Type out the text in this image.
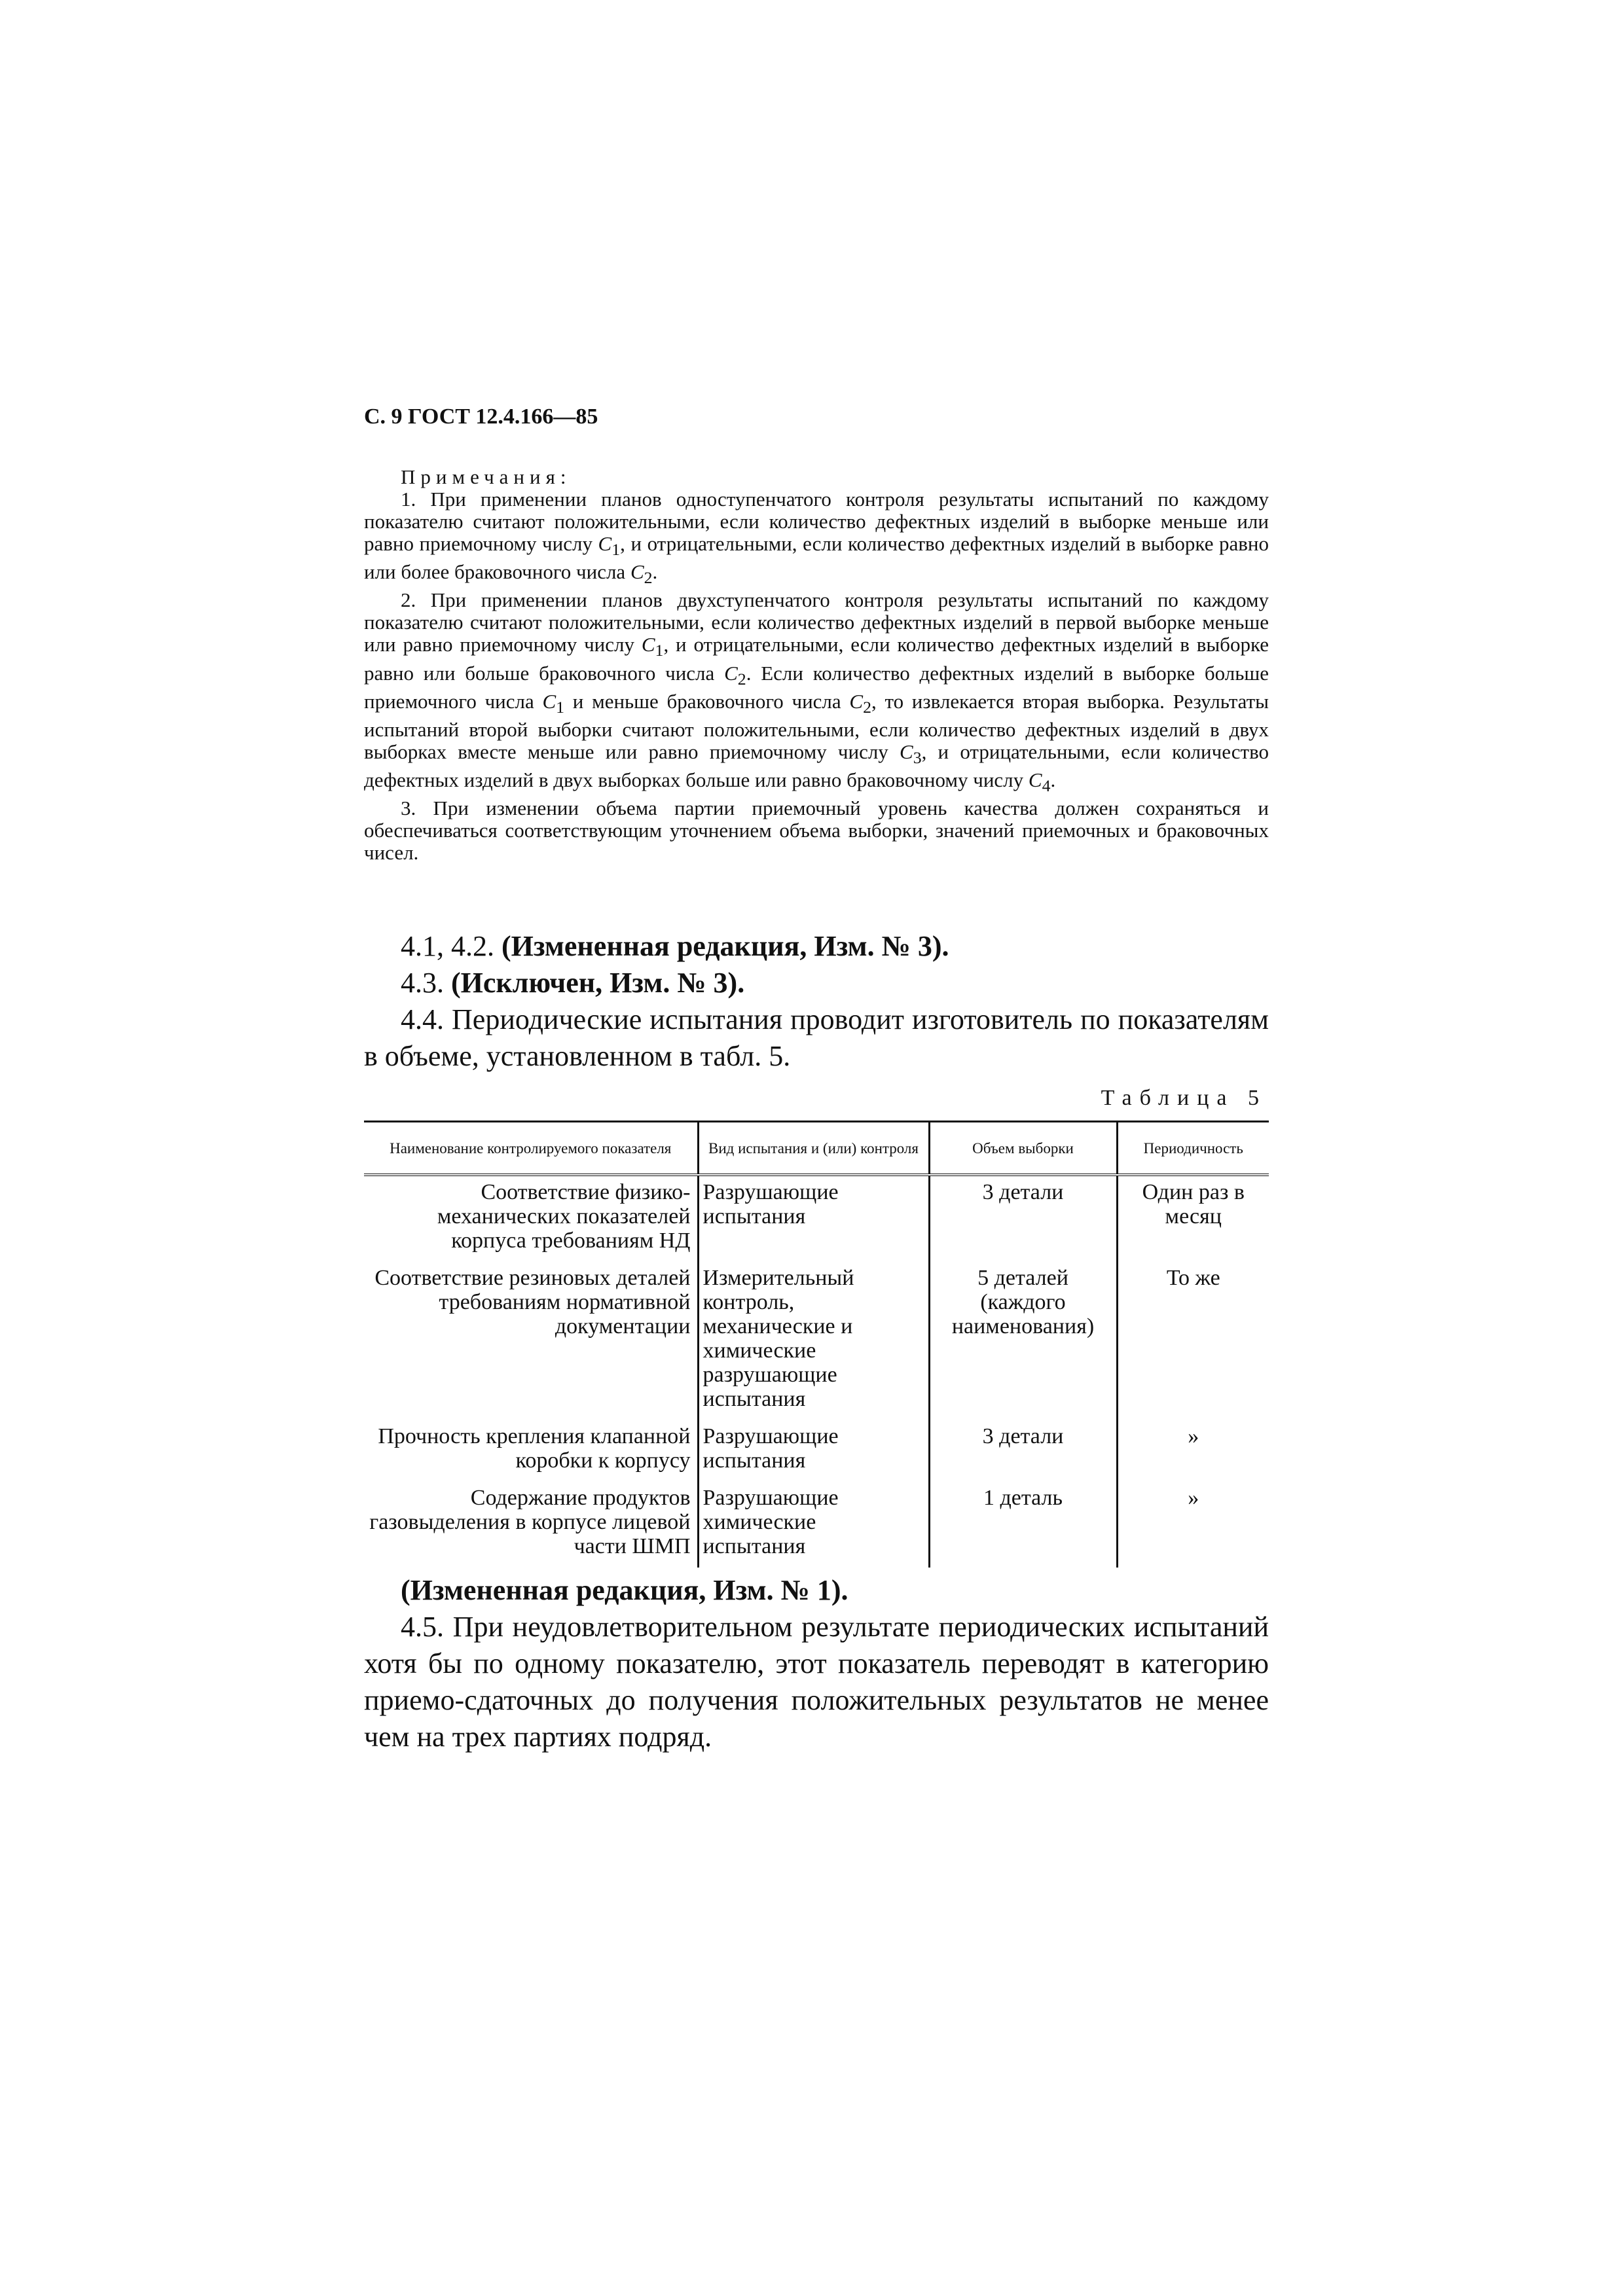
С. 9 ГОСТ 12.4.166—85

Примечания:

1. При применении планов одноступенчатого контроля результаты испытаний по каждому показателю считают положительными, если количество дефектных изделий в выборке меньше или равно приемочному числу $C_1$, и отрицательными, если количество дефектных изделий в выборке равно или более браковочного числа $C_2$.

2. При применении планов двухступенчатого контроля результаты испытаний по каждому показателю считают положительными, если количество дефектных изделий в первой выборке меньше или равно приемочному числу $C_1$, и отрицательными, если количество дефектных изделий в выборке равно или больше браковочного числа $C_2$. Если количество дефектных изделий в выборке больше приемочного числа $C_1$ и меньше браковочного числа $C_2$, то извлекается вторая выборка. Результаты испытаний второй выборки считают положительными, если количество дефектных изделий в двух выборках вместе меньше или равно приемочному числу $C_3$, и отрицательными, если количество дефектных изделий в двух выборках больше или равно браковочному числу $C_4$.

3. При изменении объема партии приемочный уровень качества должен сохраняться и обеспечиваться соответствующим уточнением объема выборки, значений приемочных и браковочных чисел.

4.1, 4.2. (Измененная редакция, Изм. № 3).

4.3. (Исключен, Изм. № 3).

4.4. Периодические испытания проводит изготовитель по показателям в объеме, установленном в табл. 5.

Таблица 5
Наименование контролируемого показателя	Вид испытания и (или) контроля	Объем выборки	Периодичность
Соответствие физико-механических показателей корпуса требованиям НД	Разрушающие испытания	3 детали	Один раз в месяц
Соответствие резиновых деталей требованиям нормативной документации	Измерительный контроль, механические и химические разрушающие испытания	5 деталей (каждого наименования)	То же
Прочность крепления клапанной коробки к корпусу	Разрушающие испытания	3 детали	»
Содержание продуктов газовыделения в корпусе лицевой части ШМП	Разрушающие химические испытания	1 деталь	»

(Измененная редакция, Изм. № 1).

4.5. При неудовлетворительном результате периодических испытаний хотя бы по одному показателю, этот показатель переводят в категорию приемо-сдаточных до получения положительных результатов не менее чем на трех партиях подряд.
